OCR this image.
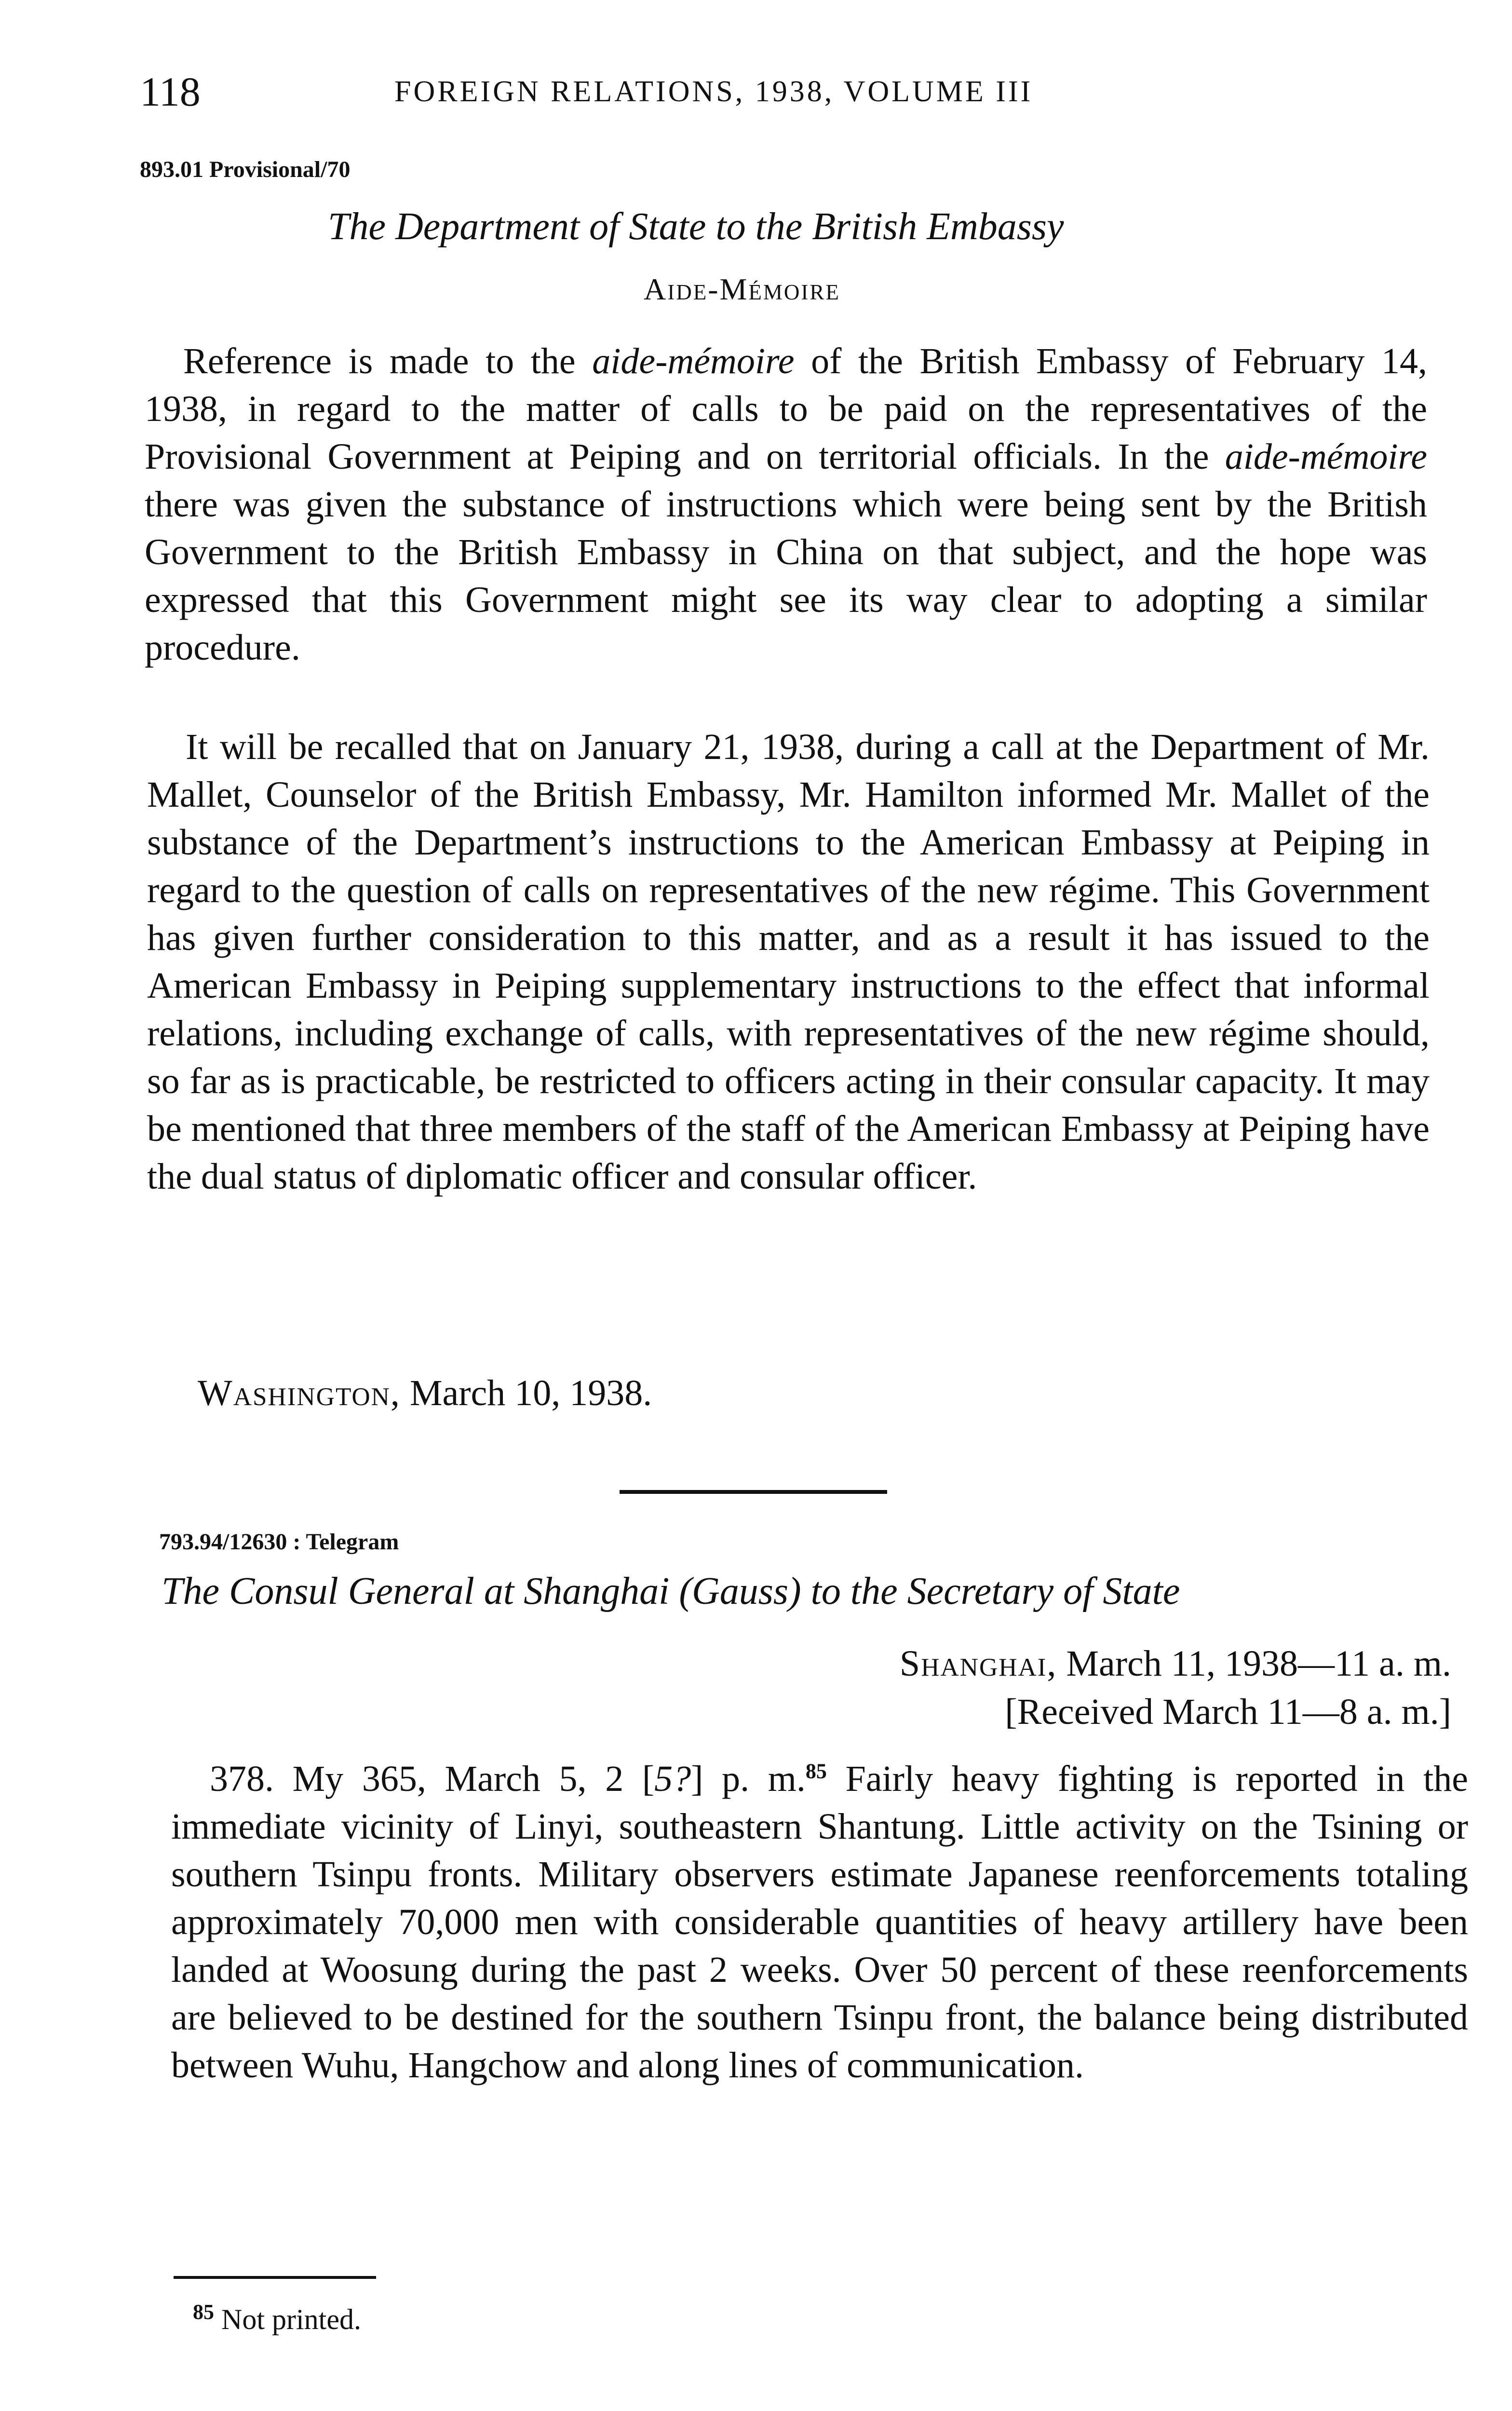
118	FOREIGN RELATIONS, 1938, VOLUME III
893.01 Provisional/70
The Department of State to the British Embassy
Aide-Mémoire

Reference is made to the aide-mémoire of the British Embassy of February 14, 1938, in regard to the matter of calls to be paid on the representatives of the Provisional Government at Peiping and on territorial officials. In the aide-mémoire there was given the substance of instructions which were being sent by the British Government to the British Embassy in China on that subject, and the hope was expressed that this Government might see its way clear to adopting a similar procedure.

It will be recalled that on January 21, 1938, during a call at the Department of Mr. Mallet, Counselor of the British Embassy, Mr. Hamilton informed Mr. Mallet of the substance of the Department’s instructions to the American Embassy at Peiping in regard to the question of calls on representatives of the new régime. This Government has given further consideration to this matter, and as a result it has issued to the American Embassy in Peiping supplementary instructions to the effect that informal relations, including exchange of calls, with representatives of the new régime should, so far as is practicable, be restricted to officers acting in their consular capacity. It may be mentioned that three members of the staff of the American Embassy at Peiping have the dual status of diplomatic officer and consular officer.

Washington, March 10, 1938.
793.94/12630 : Telegram
The Consul General at Shanghai (Gauss) to the Secretary of State
Shanghai, March 11, 1938—11 a. m.
[Received March 11—8 a. m.]

378. My 365, March 5, 2 [5?] p. m.$^{85}$ Fairly heavy fighting is reported in the immediate vicinity of Linyi, southeastern Shantung. Little activity on the Tsining or southern Tsinpu fronts. Military observers estimate Japanese reenforcements totaling approximately 70,000 men with considerable quantities of heavy artillery have been landed at Woosung during the past 2 weeks. Over 50 percent of these reenforcements are believed to be destined for the southern Tsinpu front, the balance being distributed between Wuhu, Hangchow and along lines of communication.

$^{85}$ Not printed.
